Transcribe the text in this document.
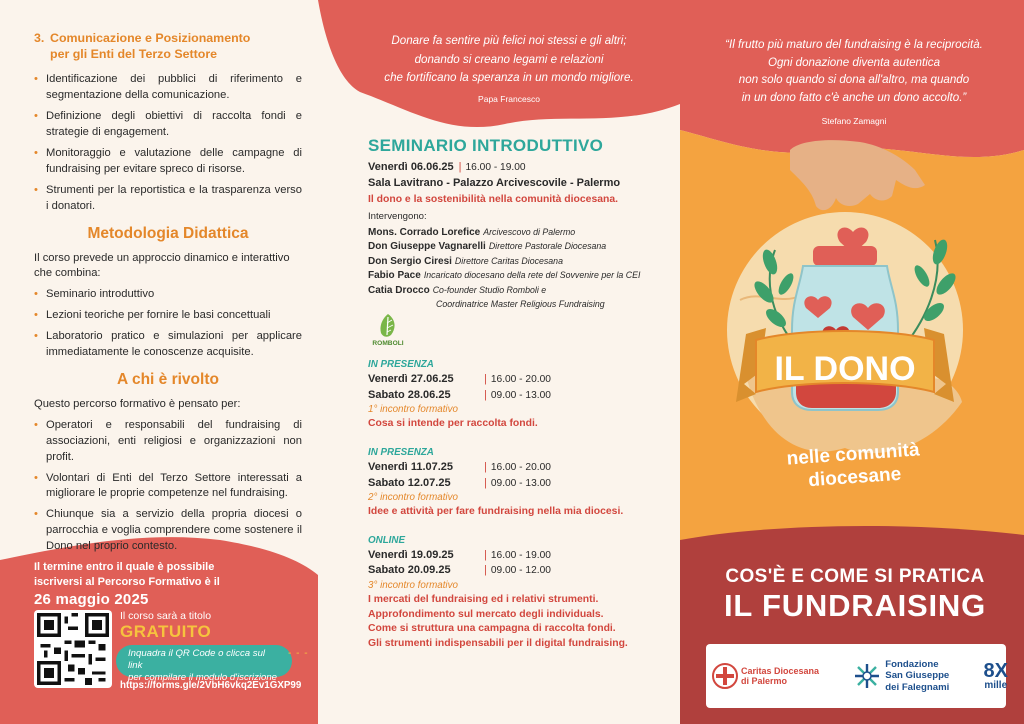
IL DONO
3. Comunicazione e Posizionamento
per gli Enti del Terzo Settore
• Identificazione dei pubblici di riferimento e segmentazione della comunicazione.
• Definizione degli obiettivi di raccolta fondi e strategie di engagement.
• Monitoraggio e valutazione delle campagne di fundraising per evitare spreco di risorse.
• Strumenti per la reportistica e la trasparenza verso i donatori.
Metodologia Didattica

Il corso prevede un approccio dinamico e interattivo che combina:

• Seminario introduttivo
• Lezioni teoriche per fornire le basi concettuali
• Laboratorio pratico e simulazioni per applicare immediatamente le conoscenze acquisite.
A chi è rivolto

Questo percorso formativo è pensato per:

• Operatori e responsabili del fundraising di associazioni, enti religiosi e organizzazioni non profit.
• Volontari di Enti del Terzo Settore interessati a migliorare le proprie competenze nel fundraising.
• Chiunque sia a servizio della propria diocesi o parrocchia e voglia comprendere come sostenere il Dono nel proprio contesto.
Il termine entro il quale è possibile
iscriversi al Percorso Formativo è il
26 maggio 2025
Il corso sarà a titolo
GRATUITO
Inquadra il QR Code o clicca sul link
per compilare il modulo d'iscrizione
- - -
https://forms.gle/2VbH6vkq2Ev1GXP99
Donare fa sentire più felici noi stessi e gli altri;
donando si creano legami e relazioni
che fortificano la speranza in un mondo migliore.
Papa Francesco
SEMINARIO INTRODUTTIVO
Venerdì
06.06.25 | 16.00 - 19.00
Sala Lavitrano - Palazzo Arcivescovile - Palermo
Il dono e la sostenibilità nella comunità diocesana.
Intervengono:
Mons. Corrado Lorefice Arcivescovo di Palermo
Don Giuseppe Vagnarelli Direttore Pastorale Diocesana
Don Sergio Ciresi Direttore Caritas Diocesana
Fabio Pace Incaricato diocesano della rete del Sovvenire per la CEI
Catia Drocco Co-founder Studio Romboli e
Coordinatrice Master Religious Fundraising
ROMBOLI
IN PRESENZA
Venerdì 27.06.25	| 16.00 - 20.00
Sabato 28.06.25	| 09.00 - 13.00
1° incontro formativo
Cosa si intende per raccolta fondi.
IN PRESENZA
Venerdì 11.07.25	| 16.00 - 20.00
Sabato 12.07.25	| 09.00 - 13.00
2° incontro formativo
Idee e attività per fare fundraising nella mia diocesi.
ONLINE
Venerdì 19.09.25	| 16.00 - 19.00
Sabato 20.09.25	| 09.00 - 12.00
3° incontro formativo
I mercati del fundraising ed i relativi strumenti.
Approfondimento sul mercato degli individuals.
Come si struttura una campagna di raccolta fondi.
Gli strumenti indispensabili per il digital fundraising.
“Il frutto più maturo del fundraising è la reciprocità.
Ogni donazione diventa autentica
non solo quando si dona all'altro, ma quando
in un dono fatto c'è anche un dono accolto.”
Stefano Zamagni
nelle comunità
diocesane
COS'È E COME SI PRATICA
IL FUNDRAISING
Caritas Diocesana
di Palermo
Fondazione
San Giuseppe
dei Falegnami
8X
mille
